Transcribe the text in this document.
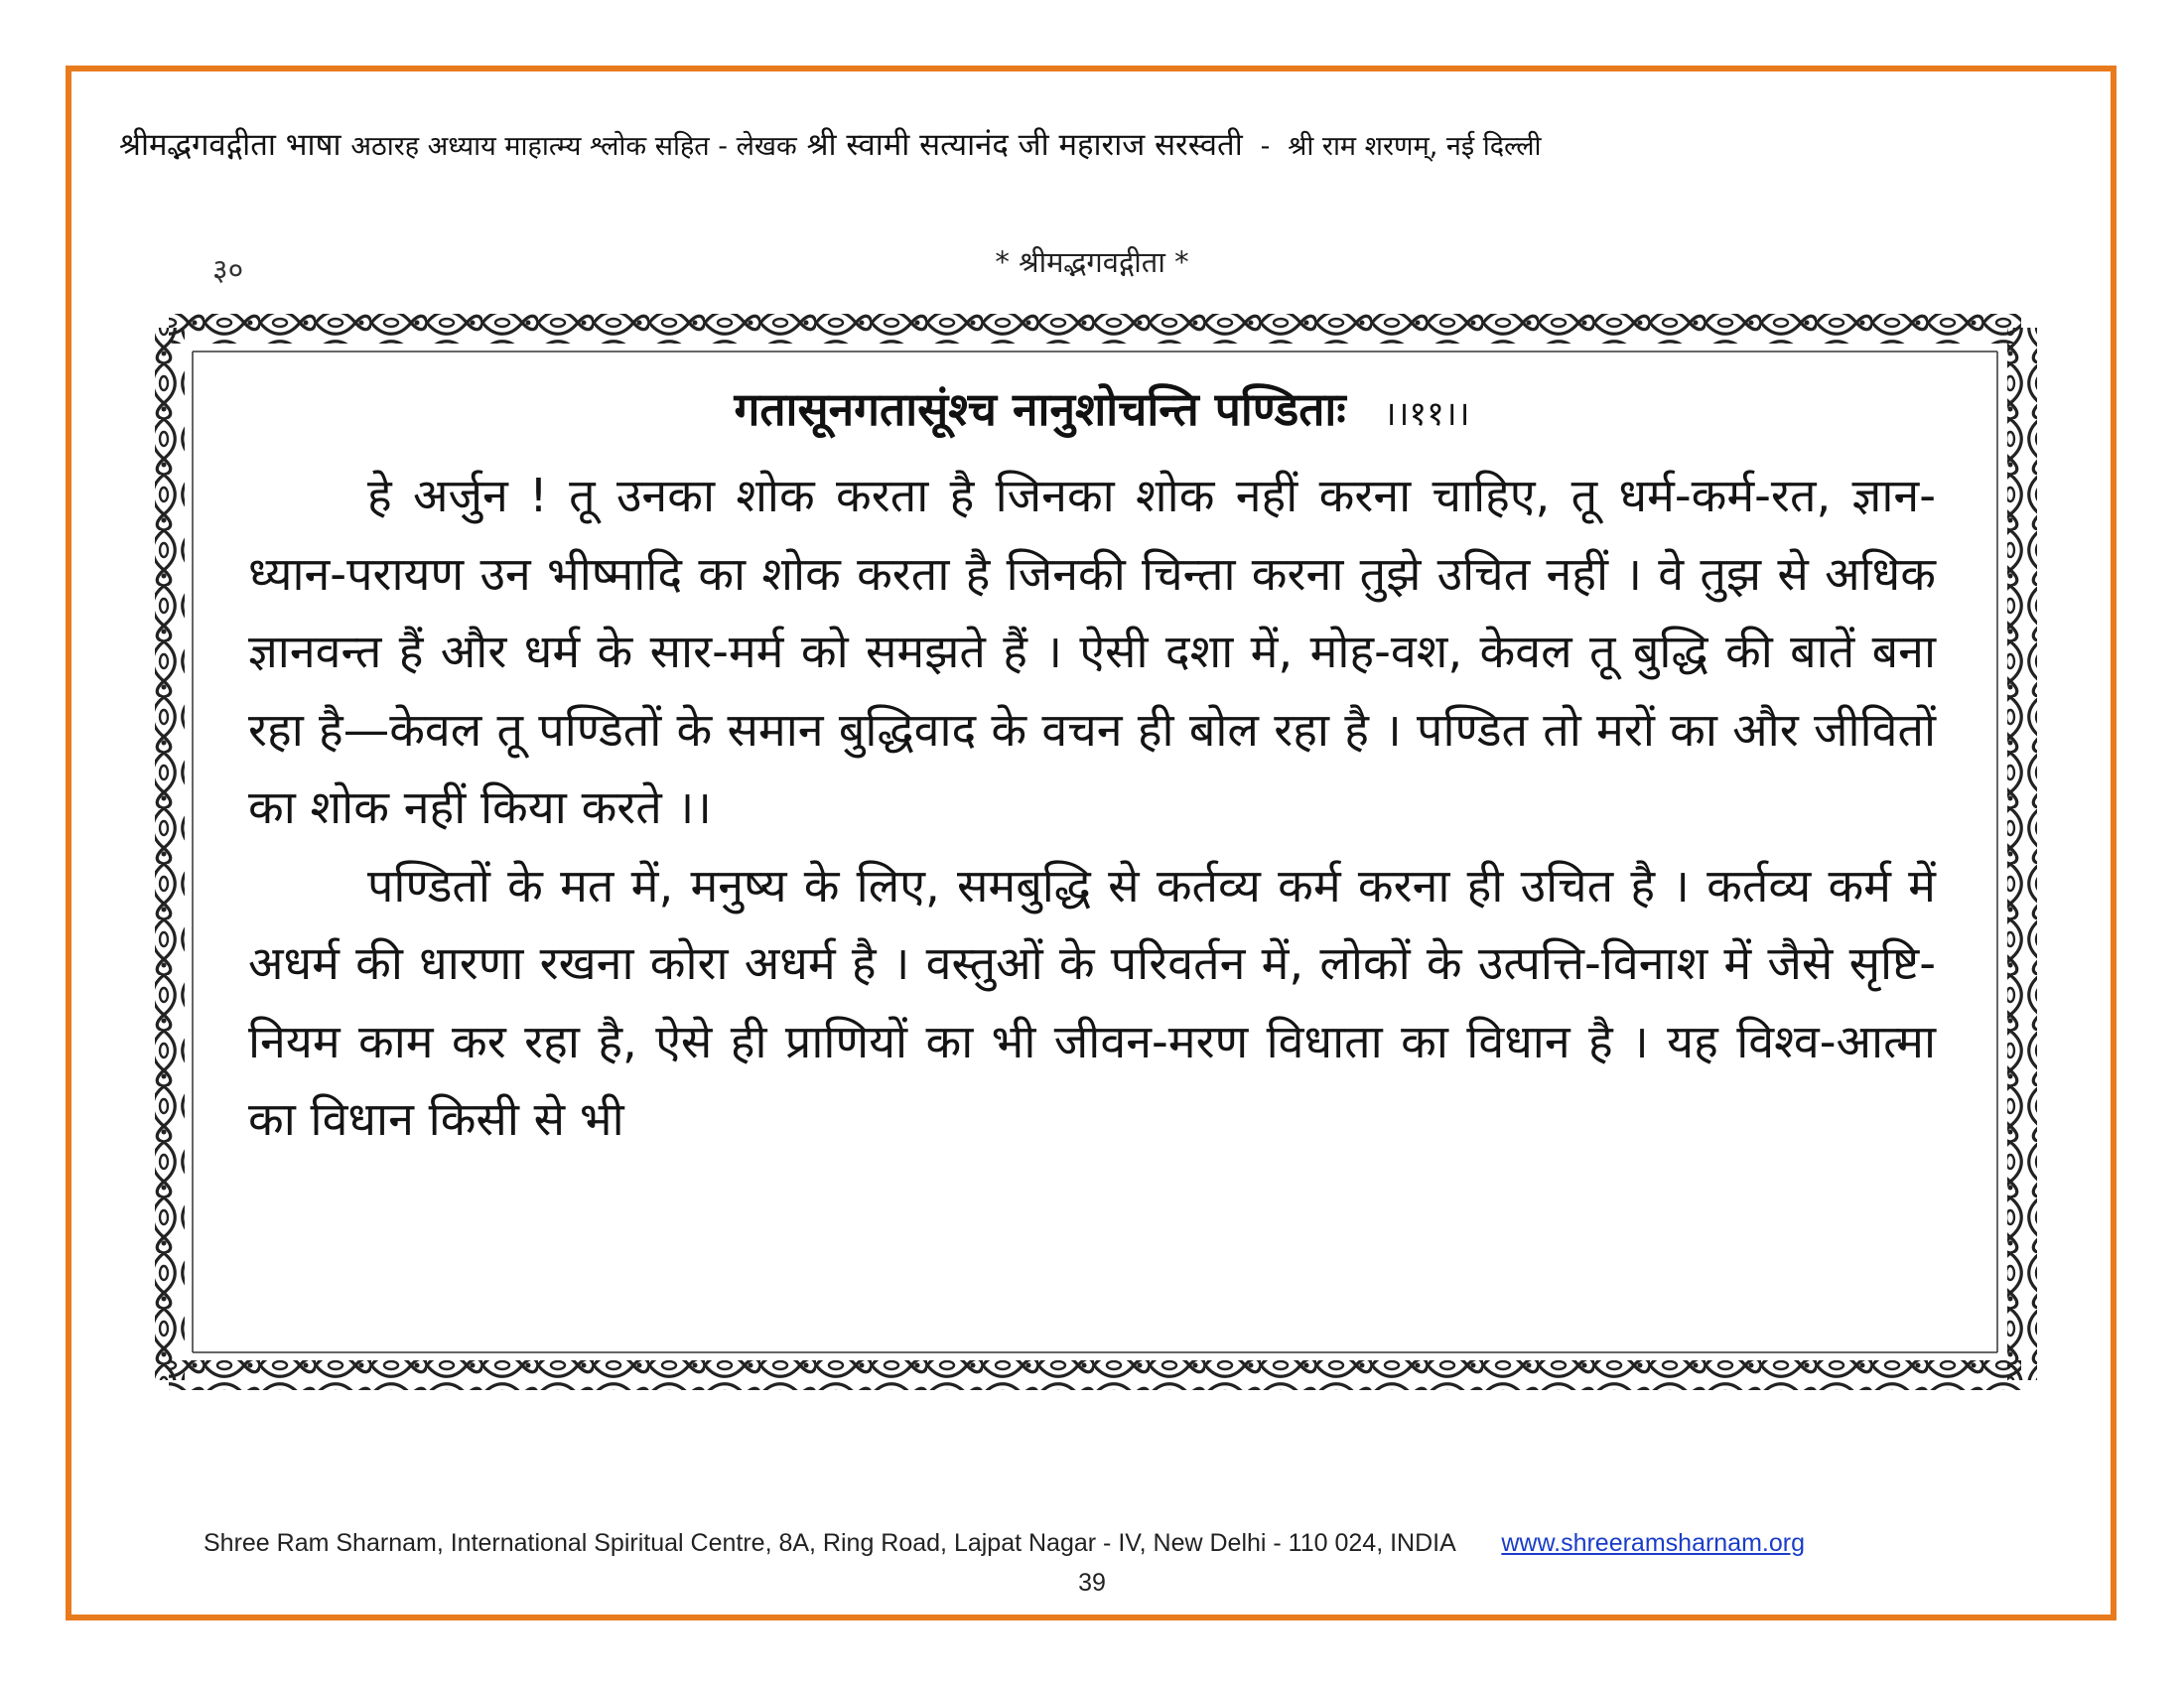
श्रीमद्भगवद्गीता भाषा अठारह अध्याय माहात्म्य श्लोक सहित - लेखक श्री स्वामी सत्यानंद जी महाराज सरस्वती - श्री राम शरणम्, नई दिल्ली
३०	* श्रीमद्भगवद्गीता *
गतासूनगतासूंश्च नानुशोचन्ति पण्डिताः ।।११।।

हे अर्जुन ! तू उनका शोक करता है जिनका शोक नहीं करना चाहिए, तू धर्म-कर्म-रत, ज्ञान-ध्यान-परायण उन भीष्मादि का शोक करता है जिनकी चिन्ता करना तुझे उचित नहीं । वे तुझ से अधिक ज्ञानवन्त हैं और धर्म के सार-मर्म को समझते हैं । ऐसी दशा में, मोह-वश, केवल तू बुद्धि की बातें बना रहा है—केवल तू पण्डितों के समान बुद्धिवाद के वचन ही बोल रहा है । पण्डित तो मरों का और जीवितों का शोक नहीं किया करते ।।

पण्डितों के मत में, मनुष्य के लिए, समबुद्धि से कर्तव्य कर्म करना ही उचित है । कर्तव्य कर्म में अधर्म की धारणा रखना कोरा अधर्म है । वस्तुओं के परिवर्तन में, लोकों के उत्पत्ति-विनाश में जैसे सृष्टि-नियम काम कर रहा है, ऐसे ही प्राणियों का भी जीवन-मरण विधाता का विधान है । यह विश्व-आत्मा का विधान किसी से भी

Shree Ram Sharnam, International Spiritual Centre, 8A, Ring Road, Lajpat Nagar - IV, New Delhi - 110 024, INDIA www.shreeramsharnam.org
39
